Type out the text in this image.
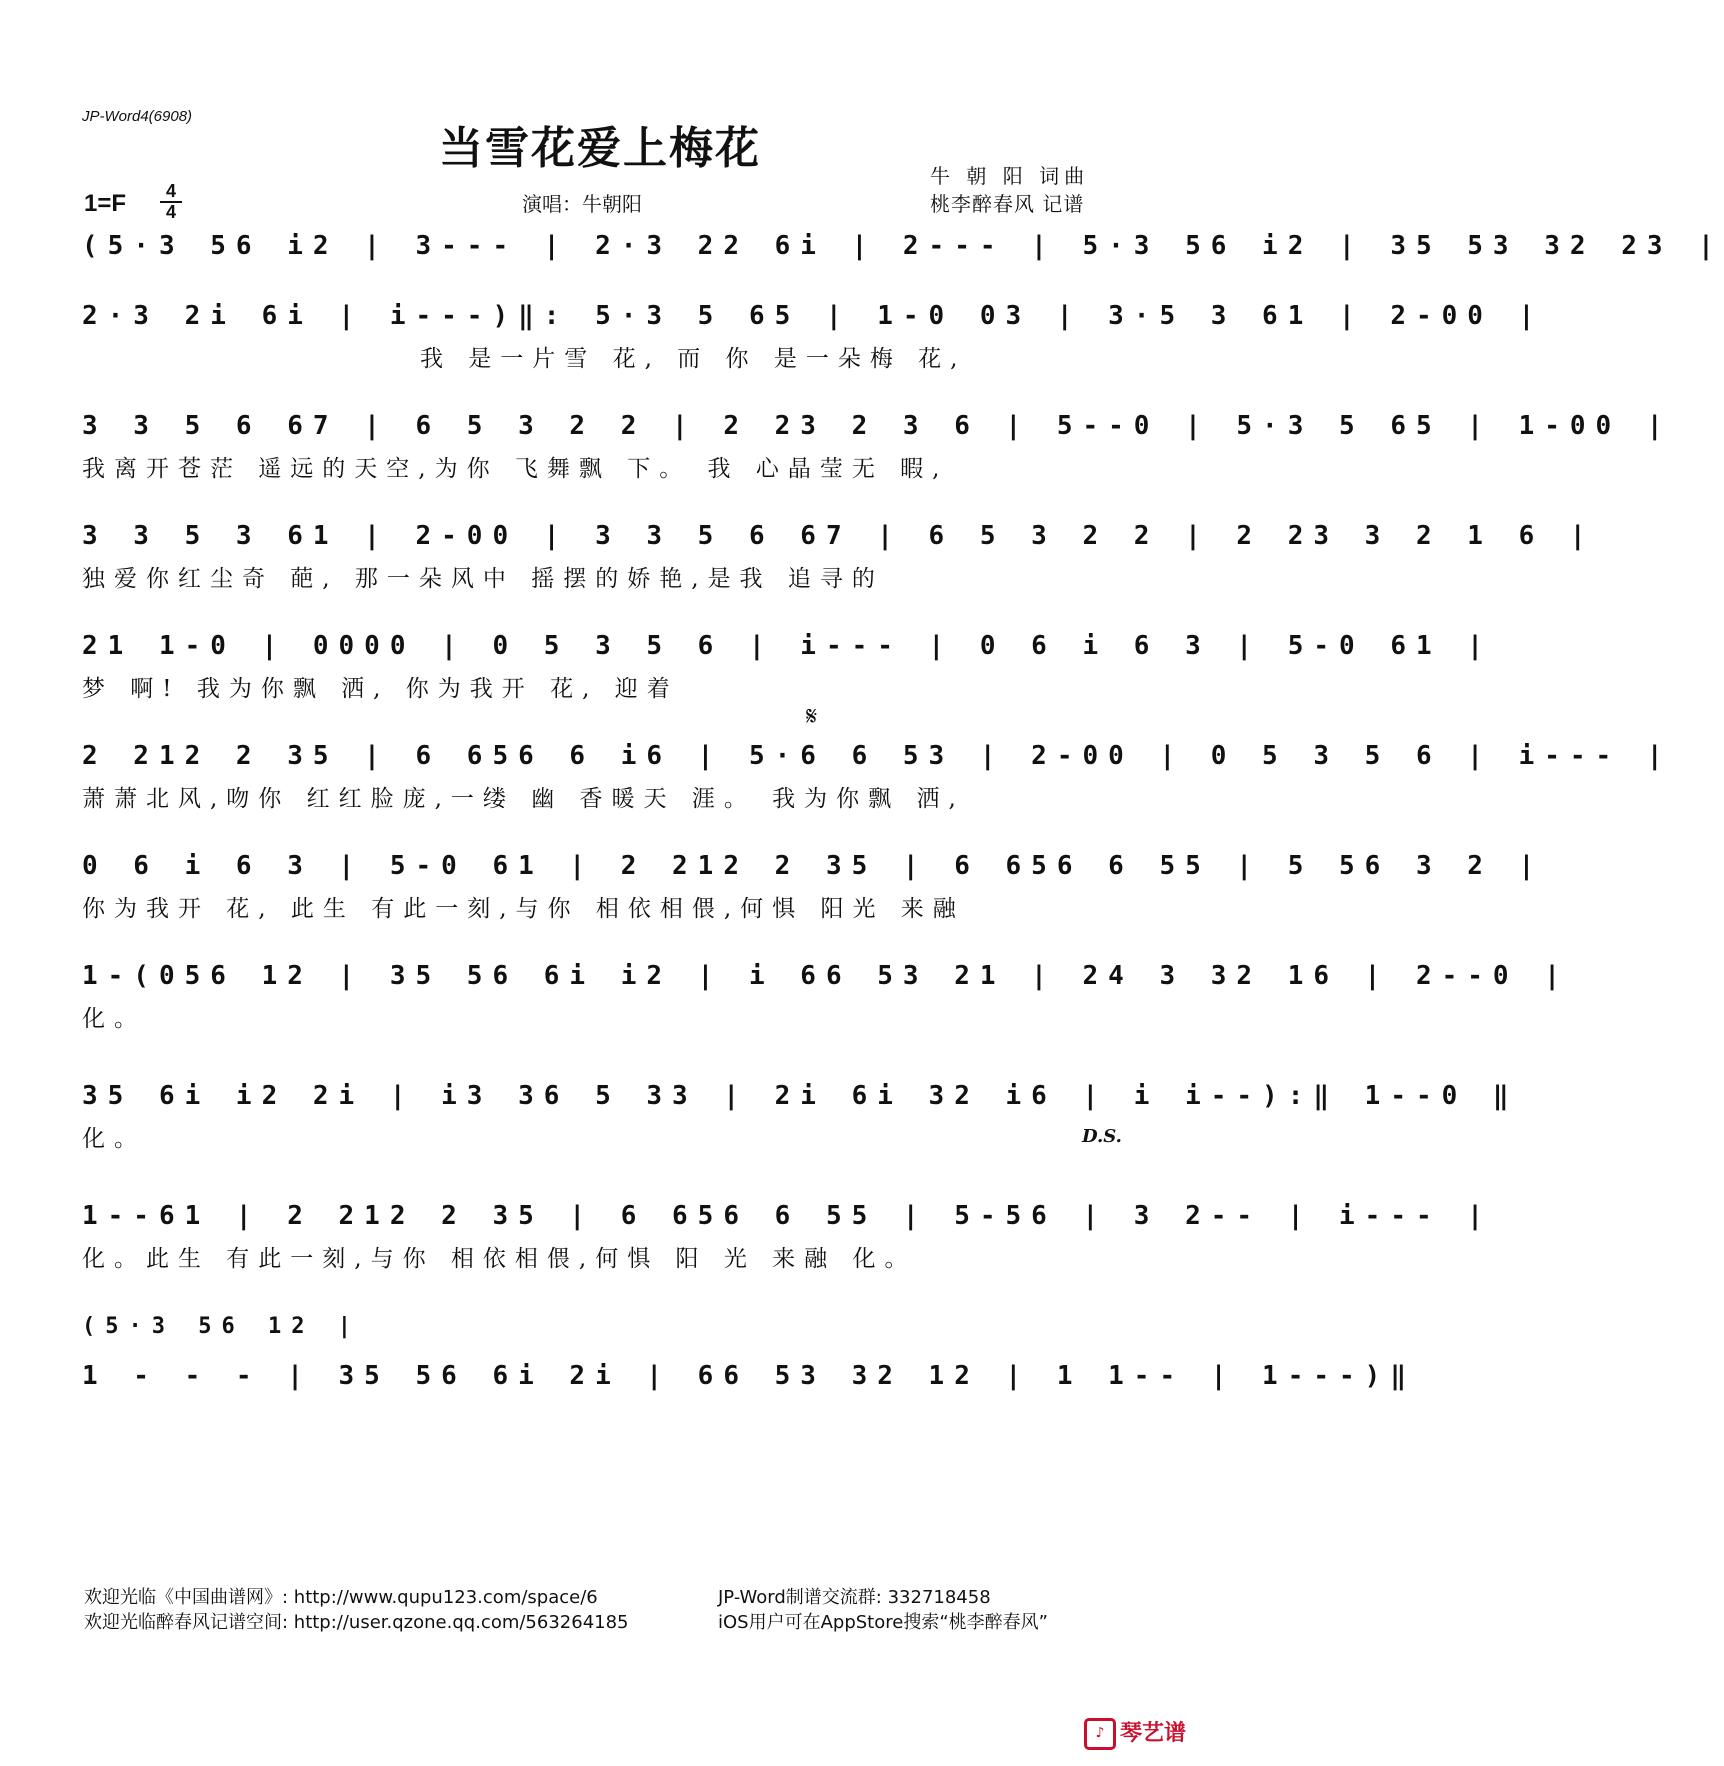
JP-Word4(6908)
当雪花爱上梅花
牛 朝 阳 词曲
桃李醉春风 记谱
演唱：牛朝阳
$1=F \frac{4}{4}$
(5·3 56 i2 | 3--- | 2·3 22 6i | 2--- | 5·3 56 i2 | 35 53 32 23 |
2·3 2i 6i | i---)‖: 5·3 5 65 | 1-0 03 | 3·5 3 61 | 2-00 |
我 是一片雪 花, 而 你 是一朵梅 花,
3 3 5 6 67 | 6 5 3 2 2 | 2 23 2 3 6 | 5--0 | 5·3 5 65 | 1-00 |
我离开苍茫 遥远的天空,为你 飞舞飘 下。 我 心晶莹无 暇,
3 3 5 3 61 | 2-00 | 3 3 5 6 67 | 6 5 3 2 2 | 2 23 3 2 1 6 |
独爱你红尘奇 葩, 那一朵风中 摇摆的娇艳,是我 追寻的
21 1-0 | 0000 | 0 5 3 5 6 | i--- | 0 6 i 6 3 | 5-0 61 |
梦 啊! 我为你飘 洒, 你为我开 花, 迎着
𝄋
2 212 2 35 | 6 656 6 i6 | 5·6 6 53 | 2-00 | 0 5 3 5 6 | i--- |
萧萧北风,吻你 红红脸庞,一缕 幽 香暖天 涯。 我为你飘 洒,
0 6 i 6 3 | 5-0 61 | 2 212 2 35 | 6 656 6 55 | 5 56 3 2 |
你为我开 花, 此生 有此一刻,与你 相依相偎,何惧 阳光 来融
1-(056 12 | 35 56 6i i2 | i 66 53 21 | 24 3 32 16 | 2--0 |
化。
35 6i i2 2i | i3 36 5 33 | 2i 6i 32 i6 | i i--):‖ 1--0 ‖
化。	D.S.
1--61 | 2 212 2 35 | 6 656 6 55 | 5-56 | 3 2-- | i--- |
化。此生 有此一刻,与你 相依相偎,何惧 阳 光 来融 化。
(5·3 56 12 |
1 - - - | 35 56 6i 2i | 66 53 32 12 | 1 1-- | 1---)‖
欢迎光临《中国曲谱网》: http://www.qupu123.com/space/6
欢迎光临醉春风记谱空间: http://user.qzone.qq.com/563264185
JP-Word制谱交流群: 332718458
iOS用户可在AppStore搜索“桃李醉春风”
♪ 琴艺谱
